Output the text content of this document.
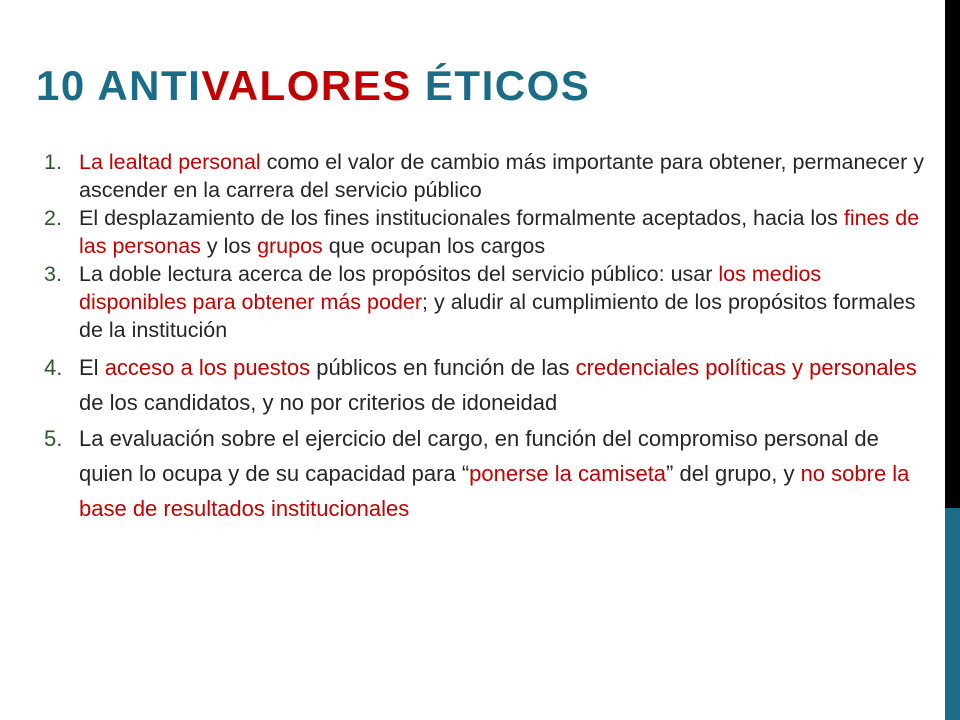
10 ANTIVALORES ÉTICOS
1. La lealtad personal como el valor de cambio más importante para obtener, permanecer y ascender en la carrera del servicio público
2. El desplazamiento de los fines institucionales formalmente aceptados, hacia los fines de las personas y los grupos que ocupan los cargos
3. La doble lectura acerca de los propósitos del servicio público: usar los medios disponibles para obtener más poder; y aludir al cumplimiento de los propósitos formales de la institución
4. El acceso a los puestos públicos en función de las credenciales políticas y personales de los candidatos, y no por criterios de idoneidad
5. La evaluación sobre el ejercicio del cargo, en función del compromiso personal de quien lo ocupa y de su capacidad para “ponerse la camiseta” del grupo, y no sobre la base de resultados institucionales
